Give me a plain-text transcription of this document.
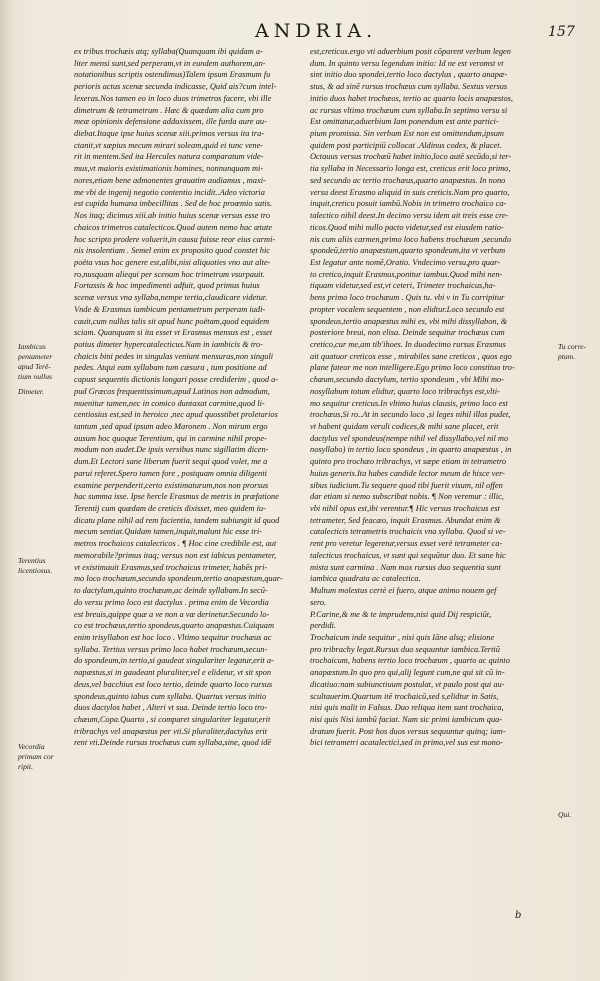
ANDRIA.	157
ex tribus trochæis atq; syllaba(Quanquam ibi quidam a-
liter mensi sunt,sed perperam,vt in eundem authorem,an-
notationibus scriptis ostendimus)Talem ipsum Erasmum fu
perioris actus scenæ secunda indicasse, Quid ais?cum intel-
lexeras.Nos tamen eo in loco duos trimetros facere, vbi ille
dimetrum & tetrametrum . Hæc & quædam alia cum pro
meæ opinionis defensione adduxissem, ille furda aure au-
diebat.Itaque ipse huius scenæ xiii.primos versus ita tra-
ctanit,vt sæpius mecum mirari soleam,quid ei tunc vene-
rit in mentem.Sed ita Hercules natura comparatum vide-
mus,vt maioris existimationis homines, nonnunquam mi-
nores,etiam bene admonentes grauatim audiamus , maxi-
me vbi de ingenij negotio contentio incidit..Adeo victoria
est cupida humana imbecillitas . Sed de hoc proœmio satis.
Nos itaq; dicimus xiii.ab initio huius scenæ versus esse tro
chaicos trimetros catalecticos.Quod autem nemo hac ætate
hoc scripto prodere voluerit,in causa fuisse reor eius carmi-
nis insolentiam . Semel enim ex proposito quod constet hic
poëta vsus hoc genere est,alibi,nisi aliquoties vno aut alte-
ro,nusquam aliequi per scenam hoc trimetrum vsurpauit.
Fortassis & hoc impedimenti adfuit, quod primus huius
scenæ versus vna syllaba,nempe tertia,claudicare videtur.
Vnde & Erasmus iambicum pentametrum perperam iudi-
cauit,cum nullus talis sit apud hunc poëtam,quod equidem
sciam. Quanquam si ita esset vt Erasmus mensus est , esset
potius dimeter hypercatalecticus.Nam in iambicis & tro-
chaicis bini pedes in singulas veniunt mensuras,non singuli
pedes. Atqui eam syllabam tum cæsura , tum positione ad
capust sequentis dictionis longari posse crediderim , quod a-
pud Græcos frequentissimum,apud Latinos non admodum,
muenitur tamen,nec in comico duntaxat carmine,quod li-
centiosius est,sed in heroico ,nec apud quosstibet proletarios
tantum ,sed apud ipsum adeo Maronem . Non mirum ergo
ausum hoc quoque Terentium, qui in carmine nihil prope-
modum non audet.De ipsis versibus nunc sigillatim dicen-
dum.Et Lectori sane liberum fuerit sequi quod volet, me a
parui referet.Spero tamen fore , postquam omnia diligenti
examine perpenderit,certo existimaturum,nos non prorsus
hac summa isse. Ipse hercle Erasmus de metris in præfatione
Terentij cum quædam de creticis dixisset, meo quidem iu-
dicatu plane nihil ad rem facientia, tandem subiungit id quod
mecum sentiat.Quidam tamen,inquit,malunt hic esse tri-
metros trochaicos catalecticos . ¶ Hoc cine credibile est, aut
memorabile?primus itaq; versus non est iabicus pentameter,
vt existimauit Erasmus,sed trochaicus trimeter, habēs pri-
mo loco trochæum,secundo spondeum,tertio anapæstum,quar-
to dactylum,quinto trochæum,ac deinde syllabam.In secū-
do versu primo loco est dactylus . prima enim de Vecordia
est breuis,quippe quæ a ve non a væ derinetur.Secundo lo-
co est trochæus,tertio spondeus,quarto anapæstus.Cuiquam
enim trisyllabon est hoc loco . Vltimo sequitur trochæus ac
syllaba. Tertius versus primo loco habet trochæum,secun-
do spondeum,in tertio,si gaudeat singulariter legatur,erit a-
napæstus,si in gaudeant pluraliter,vel e elidetur, vt sit spon
deus,vel bacchius est loco tertio, deinde quarto loco rursus
spondeus,quinto iabus cum syllaba. Quartus versus initio
duos dactylos habet , Alteri vt sua. Deinde tertio loco tro-
chæum,Copa.Quarto , si comparet singulariter legatur,erit
tribrachys vel anapæstus per vti.Si pluraliter,dactylus erit
rent vti.Deinde rursus trochæus cum syllaba,sine, quod idē
est,creticus.ergo vti aduerbium posit cōparent verbum legen
dum. In quinto versu legendum initio: Id ne est veromst vt
sint initio duo spondei,tertio loco dactylus , quarto anapæ-
stus, & ad sinē rursus trochæus cum syllaba. Sextus versus
initio duos habet trochæos, tertio ac quarto locis anapæstos,
ac rursus vltimo trochæum cum syllaba.In septimo versu si
Est omittatur,aduerbium Iam ponendum est ante partici-
pium promissa. Sin verbum Est non est omittendum,ipsum
quidem post participiū collocat .Aldinus codex, & placet.
Octauus versus trochæū habet initio,loco autē secūdo,si ter-
tia syllaba in Necessario longa est, creticus erit loco primo,
sed secundo ac tertio trochæus,quarto anapæstus. In nono
versu deest Erasmo aliquid in suis creticis.Nam pro quarto,
inquit,creticu posuit iambū.Nobis in trimetro trochaico ca-
talectico nihil deest.In decimo versu idem ait treis esse cre-
ticos.Quod mihi nullo pacto videtur,sed est eiusdem ratio-
nis cum aliis carmen,primo loco habens trochæum ,secundo
spondeū,tertio anapæstum,quarto spondeum,ita vt verbum
Est legatur ante nomē,Oratio. Vndecimo versu,pro quar-
to cretico,inquit Erasmus,ponitur iambus.Quod mihi nen-
tiquam videtur,sed est,vt ceteri, Trimeter trochaicus,ha-
bens primo loco trochæum . Quis tu. vbi v in Tu corripitur
propter vocalem sequentem , non elidtur.Loco secundo est
spondeus,tertio anapæstus mihi es, vbi mihi dissyllabon, &
posteriore breui, non elisa. Deinde sequitur trochæus cum
cretico,cur me,am tib'ihoes. In duodecimo rursus Erasmus
ait quatuor creticos esse , mirabiles sane creticos , quos ego
plane fateor me non intelligere.Ego primo loco constituo tro-
chæum,secundo dactylum, tertio spondeum , vbi Mihi mo-
nosyllabum totum elidtur, quarto loco tribrachys est,vlti-
mo sequitur creticus.In vltimo huius clausis, primo loco est
trochæus,Si ro..At in secundo loco ,si leges nihil illos pudet,
vt habent quidam veruli codices,& mihi sane placet, erit
dactylus vel spondeus(nempe nihil vel dissyllabo,vel nil mo
nosyllabo) in tertio loco spondeus , in quarto anapæstus , in
quinto pro trochæo tribrachys, vt sæpe etiam in tetrametro
huius generis.Ita habes candide lector meum de hisce ver-
sibus iudicium.Tu sequere quod tibi fuerit visum, nil offen
dar etiam si nemo subscribat nobis. ¶ Non veremur : illic,
vbi nihil opus est,ibi verentur.¶ Hic versus trochaicus est
tetrameter, Sed feacæo, inquit Erasmus. Abundat enim &
catalecticis tetrametris trochaicis vna syllaba. Quod si ve-
rent pro veretur legeretur,versus esset verè tetrameter ca-
talecticus trochaicus, vt sunt qui sequūtur duo. Et sane hic
mista sunt carmina . Nam mox rursus duo sequentia sunt
iambica quadrata ac catalectica.
Multum molestus certè ei fuero, atque animo nouem gef
sero.
P.Carine,& me & te imprudens,nisi quid Dij respiciūt,
perdidi.
Trochaicum inde sequitur , nisi quis Iāne alsq; elisione
pro tribrachy legat.Rursus duo sequuntur iambica.Tertiū
trochaicum, habens tertio loco trochæum , quarto ac quinto
anapæstum.In quo pro qui,alij legunt cum,ne qui sit cū in-
dicatiuo:nam subiunctiuum postulat, vt paulo post qui au-
scultauerim.Quartum itē trochaicū,sed s,elidtur in Satis,
nisi quis malit in Falsus. Duo reliqua item sunt trochaica,
nisi quis Nisi iambū faciat. Nam sic primi iambicum qua-
dratum fuerit. Post hos duos versus sequuntur quinq; iam-
bici tetrametri acatalectici,sed in primo,vel sus est mono-
Iambicus
pentameter
apud Terē-
tium nullus
Dimeter.
Terentius
licentiosus.
Vecordia
primam cor
ripit.
Tu corre-
ptum.
Qui.
b
